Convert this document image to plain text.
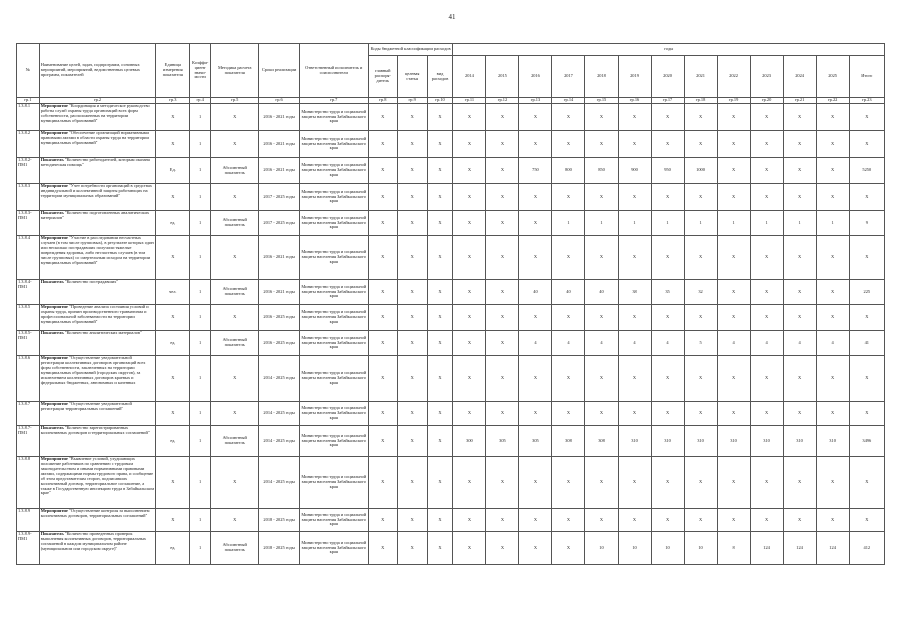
41
№	Наименование целей, задач, подпрограмм, основных мероприятий, мероприятий, ведомственных целевых программ, показателей	Единица измерения показателя	Коэффи-циент значи-мости	Методика расчета показателя	Сроки реализации	Ответственный исполнитель и соисполнители	Коды бюджетной классификации расходов			годы												
							главный распоря-дитель	целевая статья	вид расходов	2014	2015	2016	2017	2018	2019	2020	2021	2022	2023	2024	2025	Итого
гр.1	гр.2	гр.3	гр.4	гр.5	гр.6	гр.7	гр.8	гр.9	гр.10	гр.11	гр.12	гр.13	гр.14	гр.15	гр.16	гр.17	гр.18	гр.19	гр.20	гр.21	гр.22	гр.23
1.3.8.1	Мероприятие "Координация и методическое руководство работы служб охраны труда организаций всех форм собственности, расположенных на территории муниципальных образований"	Х	1	Х	2016 - 2021 годы	Министерство труда и социальной защиты населения Забайкальского края	Х	Х	Х	Х	Х	Х	Х	Х	Х	Х	Х	Х	Х	Х	Х	Х
1.3.8.2	Мероприятие "Обеспечение организаций нормативными правовыми актами в области охраны труда на территории муниципальных образований"	Х	1	Х	2016 - 2021 годы	Министерство труда и социальной защиты населения Забайкальского края	Х	Х	Х	Х	Х	Х	Х	Х	Х	Х	Х	Х	Х	Х	Х	Х
1.3.8.2-ПМ1	Показатель "Количество работодателей, которым оказана методическая помощь"	Ед.	1	Абсолютный показатель	2016 - 2021 годы	Министерство труда и социальной защиты населения Забайкальского края	Х	Х	Х	Х	Х	750	800	850	900	950	1000	Х	Х	Х	Х	5250
1.3.8.3	Мероприятие "Учет потребности организаций в средствах индивидуальной и коллективной защиты работающих на территории муниципальных образований"	Х	1	Х	2017 - 2025 годы	Министерство труда и социальной защиты населения Забайкальского края	Х	Х	Х	Х	Х	Х	Х	Х	Х	Х	Х	Х	Х	Х	Х	Х
1.3.8.3-ПМ1	Показатель "Количество подготовленных аналитических материалов"	ед.	1	Абсолютный показатель	2017 - 2025 годы	Министерство труда и социальной защиты населения Забайкальского края	Х	Х	Х	Х	Х	Х	1	1	1	1	1	1	1	1	1	9
1.3.8.4	Мероприятие "Участие в расследовании несчастных случаев (в том числе групповых), в результате которых один или несколько пострадавших получили тяжелые повреждения здоровья, либо несчастных случаев (в том числе групповых) со смертельным исходом на территории муниципальных образований"	Х	1	Х	2016 - 2021 годы	Министерство труда и социальной защиты населения Забайкальского края	Х	Х	Х	Х	Х	Х	Х	Х	Х	Х	Х	Х	Х	Х	Х	Х
1.3.8.4-ПМ1	Показатель "Количество пострадавших"	чел.	1	Абсолютный показатель	2016 - 2021 годы	Министерство труда и социальной защиты населения Забайкальского края	Х	Х	Х	Х	Х	40	40	40	38	35	32	Х	Х	Х	Х	225
1.3.8.5	Мероприятие "Проведение анализа состояния условий и охраны труда, причин производственного травматизма и профессиональной заболеваемости на территории муниципальных образований"	Х	1	Х	2016 - 2025 годы	Министерство труда и социальной защиты населения Забайкальского края	Х	Х	Х	Х	Х	Х	Х	Х	Х	Х	Х	Х	Х	Х	Х	Х
1.3.8.5-ПМ1	Показатель "Количество аналитических материалов"	ед.	1	Абсолютный показатель	2016 - 2025 годы	Министерство труда и социальной защиты населения Забайкальского края	Х	Х	Х	Х	Х	4	4	4	4	4	5	4	4	4	4	41
1.3.8.6	Мероприятие "Осуществление уведомительной регистрации коллективных договоров организаций всех форм собственности, заключенных на территории муниципальных образований (городских округов), за исключением коллективных договоров краевых и федеральных бюджетных, автономных и казенных	Х	1	Х	2014 - 2025 годы	Министерство труда и социальной защиты населения Забайкальского края	Х	Х	Х	Х	Х	Х	Х	Х	Х	Х	Х	Х	Х	Х	Х	Х
1.3.8.7	Мероприятие "Осуществление уведомительной регистрации территориальных соглашений"	Х	1	Х	2014 - 2025 годы	Министерство труда и социальной защиты населения Забайкальского края	Х	Х	Х	Х	Х	Х	Х	Х	Х	Х	Х	Х	Х	Х	Х	Х
1.3.8.7-ПМ1	Показатель "Количество зарегистрированных коллективных договоров и территориальных соглашений"	ед.	1	Абсолютный показатель	2014 - 2025 годы	Министерство труда и социальной защиты населения Забайкальского края	Х	Х	Х	300	305	305	308	308	310	310	310	310	310	310	310	3496
1.3.8.8	Мероприятие "Выявление условий, ухудшающих положение работников по сравнению с трудовым законодательством и иными нормативными правовыми актами, содержащими нормы трудового права, и сообщение об этом представителям сторон, подписавших коллективный договор, территориальное соглашение, а также в Государственную инспекцию труда в Забайкальском крае"	Х	1	Х	2014 - 2025 годы	Министерство труда и социальной защиты населения Забайкальского края	Х	Х	Х	Х	Х	Х	Х	Х	Х	Х	Х	Х	Х	Х	Х	Х
1.3.8.9	Мероприятие "Осуществление контроля за выполнением коллективных договоров, территориальных соглашений"	Х	1	Х	2018 - 2025 годы	Министерство труда и социальной защиты населения Забайкальского края	Х	Х	Х	Х	Х	Х	Х	Х	Х	Х	Х	Х	Х	Х	Х	Х
1.3.8.9-ПМ1	Показатель "Количество проведенных проверок выполнения коллективных договоров, территориальных соглашений в каждом муниципальном районе (муниципальном или городском округе)"	ед.	1	Абсолютный показатель	2018 - 2025 годы	Министерство труда и социальной защиты населения Забайкальского края	Х	Х	Х	Х	Х	Х	Х	10	10	10	10	8	124	124	124	412
